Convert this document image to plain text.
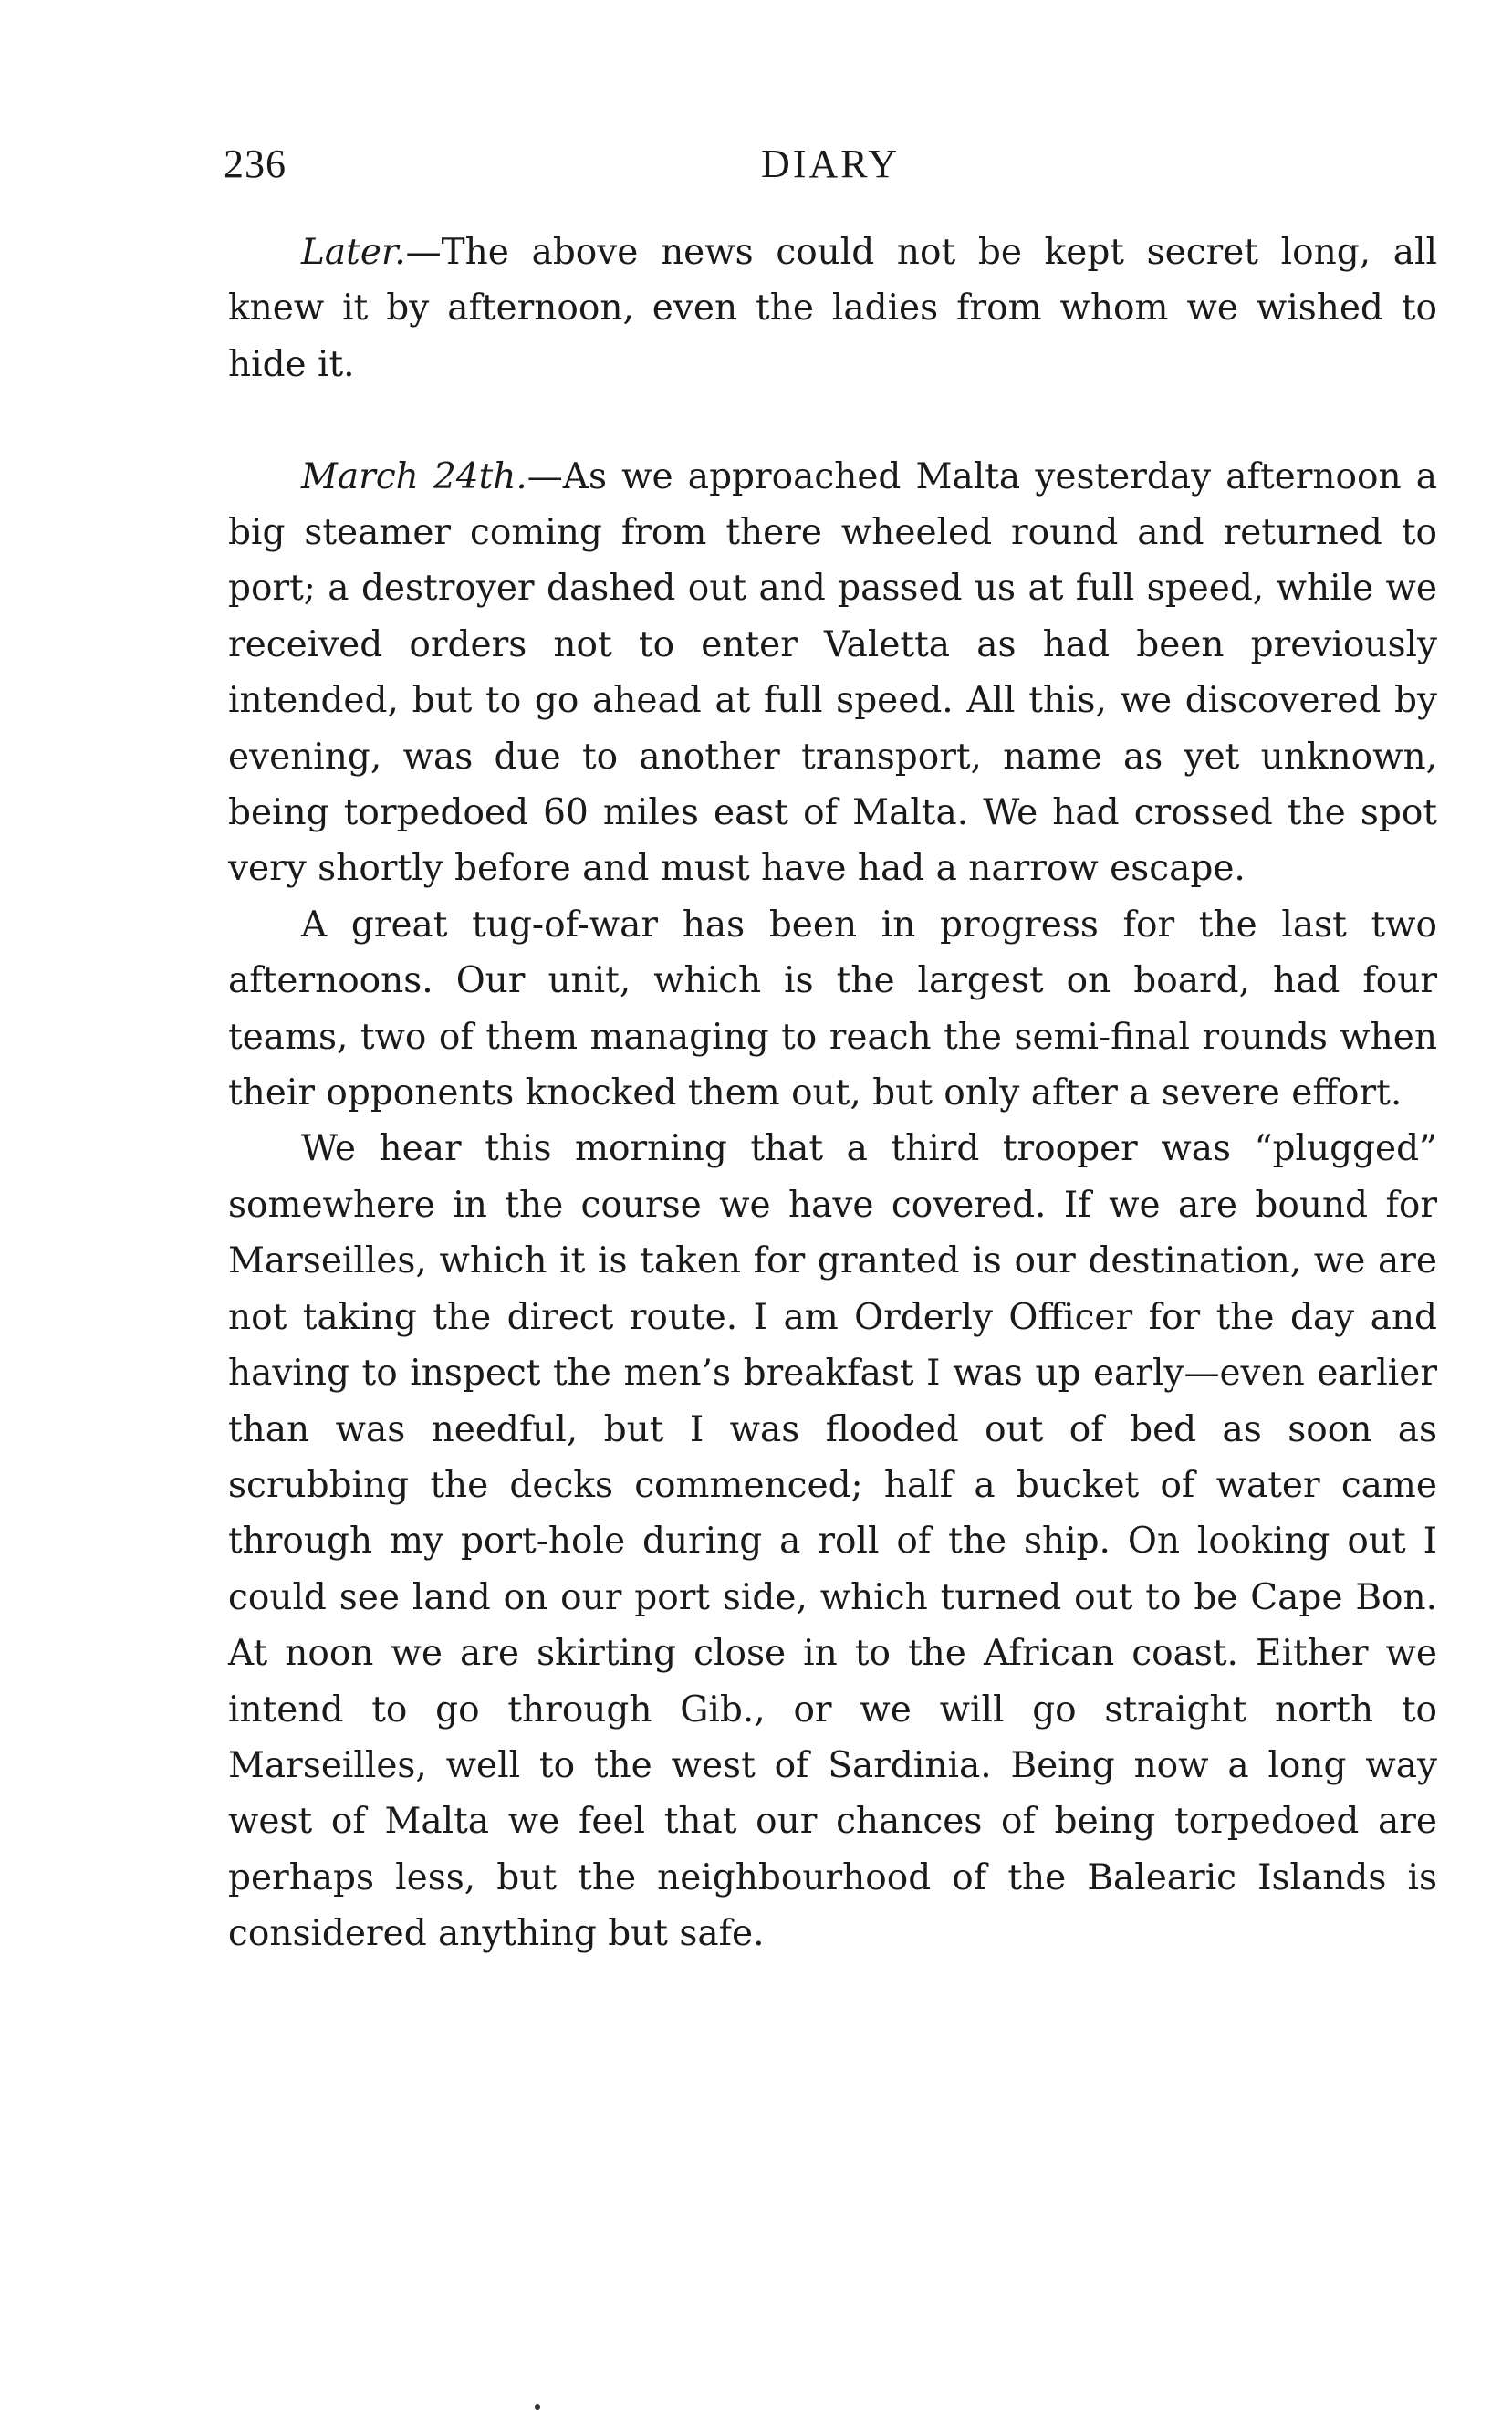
236	DIARY

Later.—The above news could not be kept secret long, all knew it by afternoon, even the ladies from whom we wished to hide it.

March 24th.—As we approached Malta yesterday afternoon a big steamer coming from there wheeled round and returned to port; a destroyer dashed out and passed us at full speed, while we received orders not to enter Valetta as had been previously intended, but to go ahead at full speed. All this, we discovered by evening, was due to another transport, name as yet unknown, being torpedoed 60 miles east of Malta. We had crossed the spot very shortly before and must have had a narrow escape.

A great tug-of-war has been in progress for the last two afternoons. Our unit, which is the largest on board, had four teams, two of them managing to reach the semi-final rounds when their opponents knocked them out, but only after a severe effort.

We hear this morning that a third trooper was “plugged” somewhere in the course we have covered. If we are bound for Marseilles, which it is taken for granted is our destination, we are not taking the direct route. I am Orderly Officer for the day and having to inspect the men’s breakfast I was up early—even earlier than was needful, but I was flooded out of bed as soon as scrubbing the decks commenced; half a bucket of water came through my port-hole during a roll of the ship. On looking out I could see land on our port side, which turned out to be Cape Bon. At noon we are skirting close in to the African coast. Either we intend to go through Gib., or we will go straight north to Marseilles, well to the west of Sardinia. Being now a long way west of Malta we feel that our chances of being torpedoed are perhaps less, but the neighbourhood of the Balearic Islands is considered anything but safe.
